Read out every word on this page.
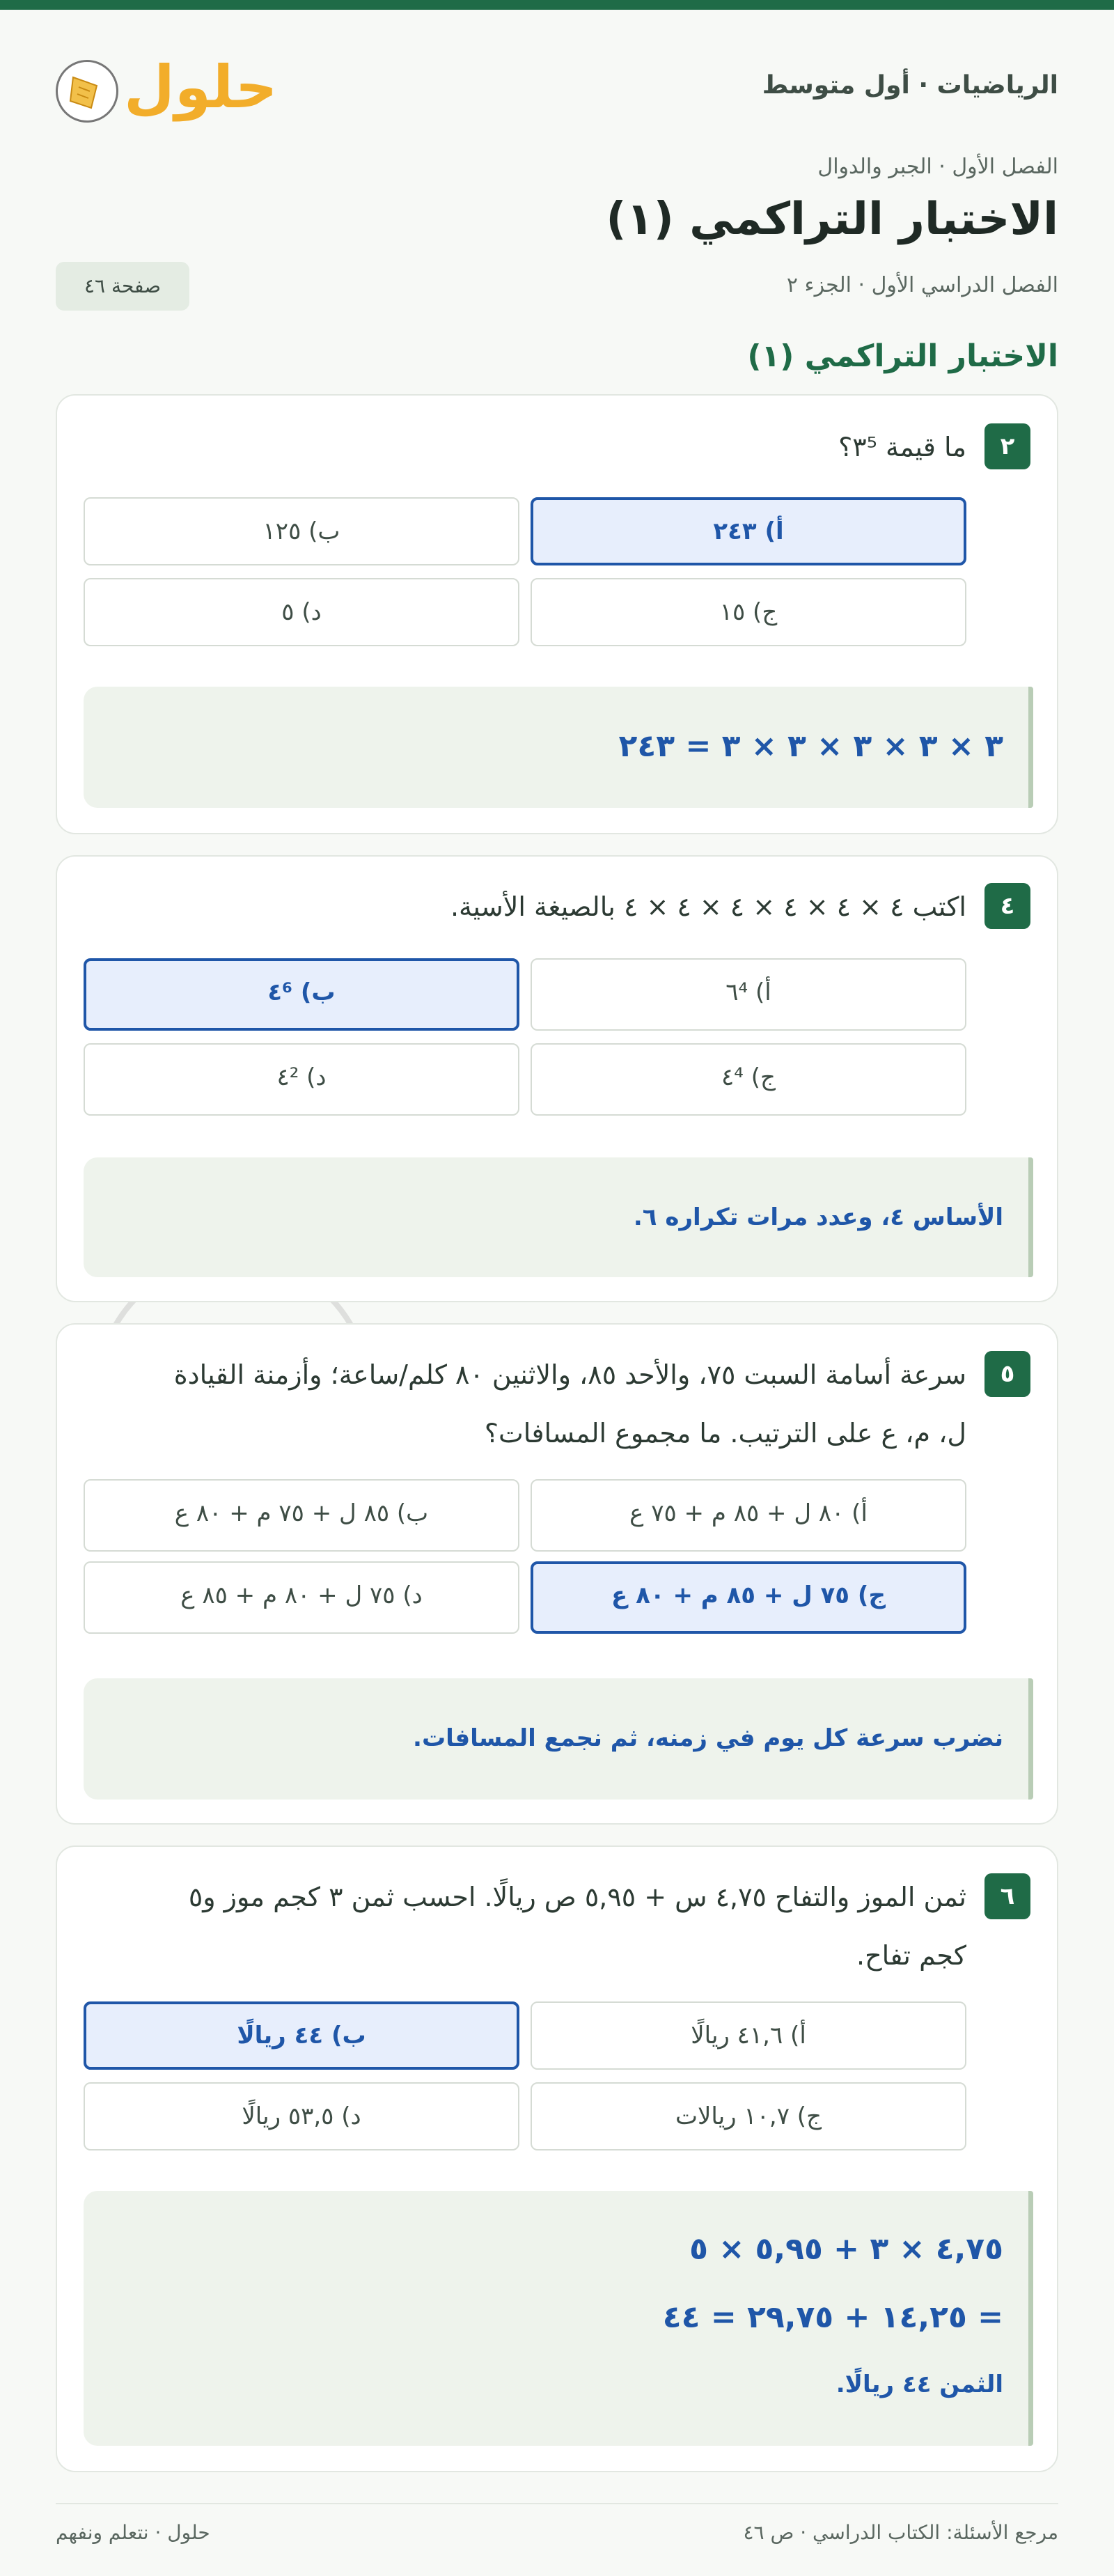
الرياضيات · أول متوسط
حلول
الفصل الأول · الجبر والدوال
الاختبار التراكمي (١)
الفصل الدراسي الأول · الجزء ٢
صفحة ٤٦
الاختبار التراكمي (١)
٢
ما قيمة ٣⁵؟
أ) ٢٤٣
ب) ١٢٥
ج) ١٥
د) ٥
٣ × ٣ × ٣ × ٣ × ٣ = ٢٤٣
٤
اكتب ٤ × ٤ × ٤ × ٤ × ٤ × ٤ بالصيغة الأسية.
أ) ٦⁴
ب) ٤⁶
ج) ٤⁴
د) ٤²
الأساس ٤، وعدد مرات تكراره ٦.
٥
سرعة أسامة السبت ٧٥، والأحد ٨٥، والاثنين ٨٠ كلم/ساعة؛ وأزمنة القيادة
ل، م، ع على الترتيب. ما مجموع المسافات؟
أ) ٨٠ ل + ٨٥ م + ٧٥ ع
ب) ٨٥ ل + ٧٥ م + ٨٠ ع
ج) ٧٥ ل + ٨٥ م + ٨٠ ع
د) ٧٥ ل + ٨٠ م + ٨٥ ع
نضرب سرعة كل يوم في زمنه، ثم نجمع المسافات.
٦
ثمن الموز والتفاح ٤,٧٥ س + ٥,٩٥ ص ريالًا. احسب ثمن ٣ كجم موز و٥
كجم تفاح.
أ) ٤١,٦ ريالًا
ب) ٤٤ ريالًا
ج) ١٠,٧ ريالات
د) ٥٣,٥ ريالًا
٤,٧٥ × ٣ + ٥,٩٥ × ٥
= ١٤,٢٥ + ٢٩,٧٥ = ٤٤
الثمن ٤٤ ريالًا.
مرجع الأسئلة: الكتاب الدراسي · ص ٤٦
حلول · نتعلم ونفهم
